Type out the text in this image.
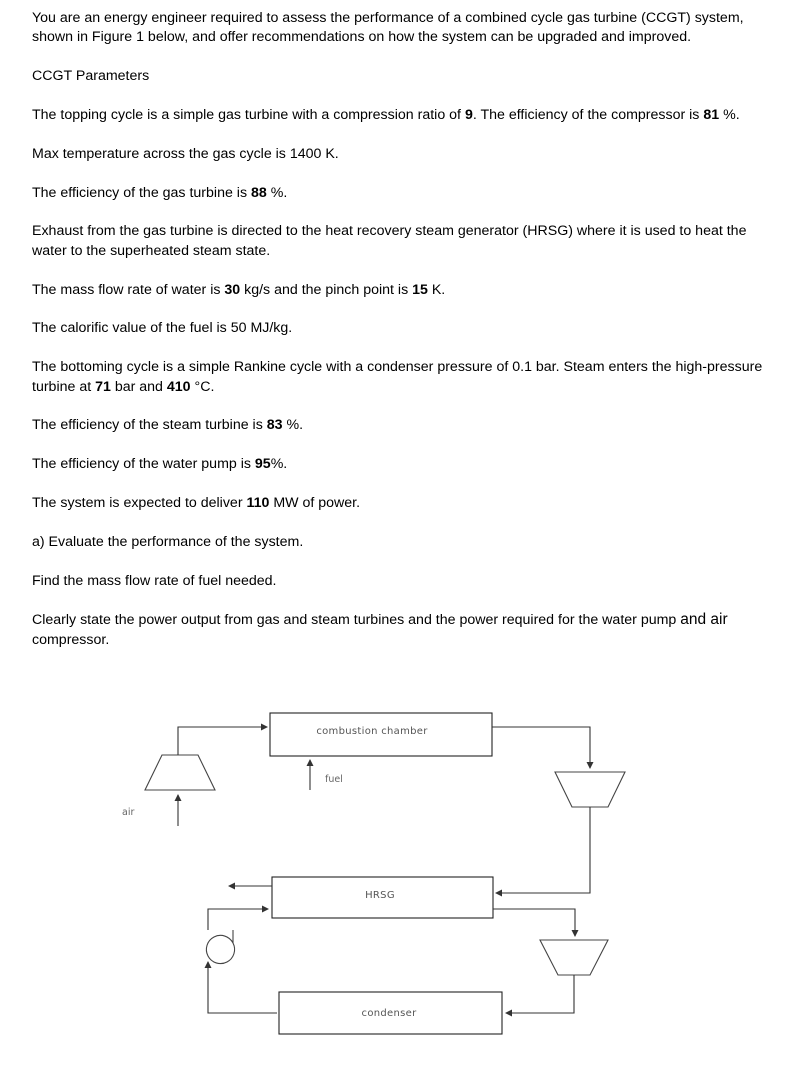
You are an energy engineer required to assess the performance of a combined cycle gas turbine (CCGT) system, shown in Figure 1 below, and offer recommendations on how the system can be upgraded and improved.

CCGT Parameters

The topping cycle is a simple gas turbine with a compression ratio of 9. The efficiency of the compressor is 81 %.

Max temperature across the gas cycle is 1400 K.

The efficiency of the gas turbine is 88 %.

Exhaust from the gas turbine is directed to the heat recovery steam generator (HRSG) where it is used to heat the water to the superheated steam state.

The mass flow rate of water is 30 kg/s and the pinch point is 15 K.

The calorific value of the fuel is 50 MJ/kg.

The bottoming cycle is a simple Rankine cycle with a condenser pressure of 0.1 bar. Steam enters the high-pressure turbine at 71 bar and 410 °C.

The efficiency of the steam turbine is 83 %.

The efficiency of the water pump is 95%.

The system is expected to deliver 110 MW of power.

a) Evaluate the performance of the system.

Find the mass flow rate of fuel needed.

Clearly state the power output from gas and steam turbines and the power required for the water pump and air compressor.

combustion chamber
air
fuel
HRSG
condenser
